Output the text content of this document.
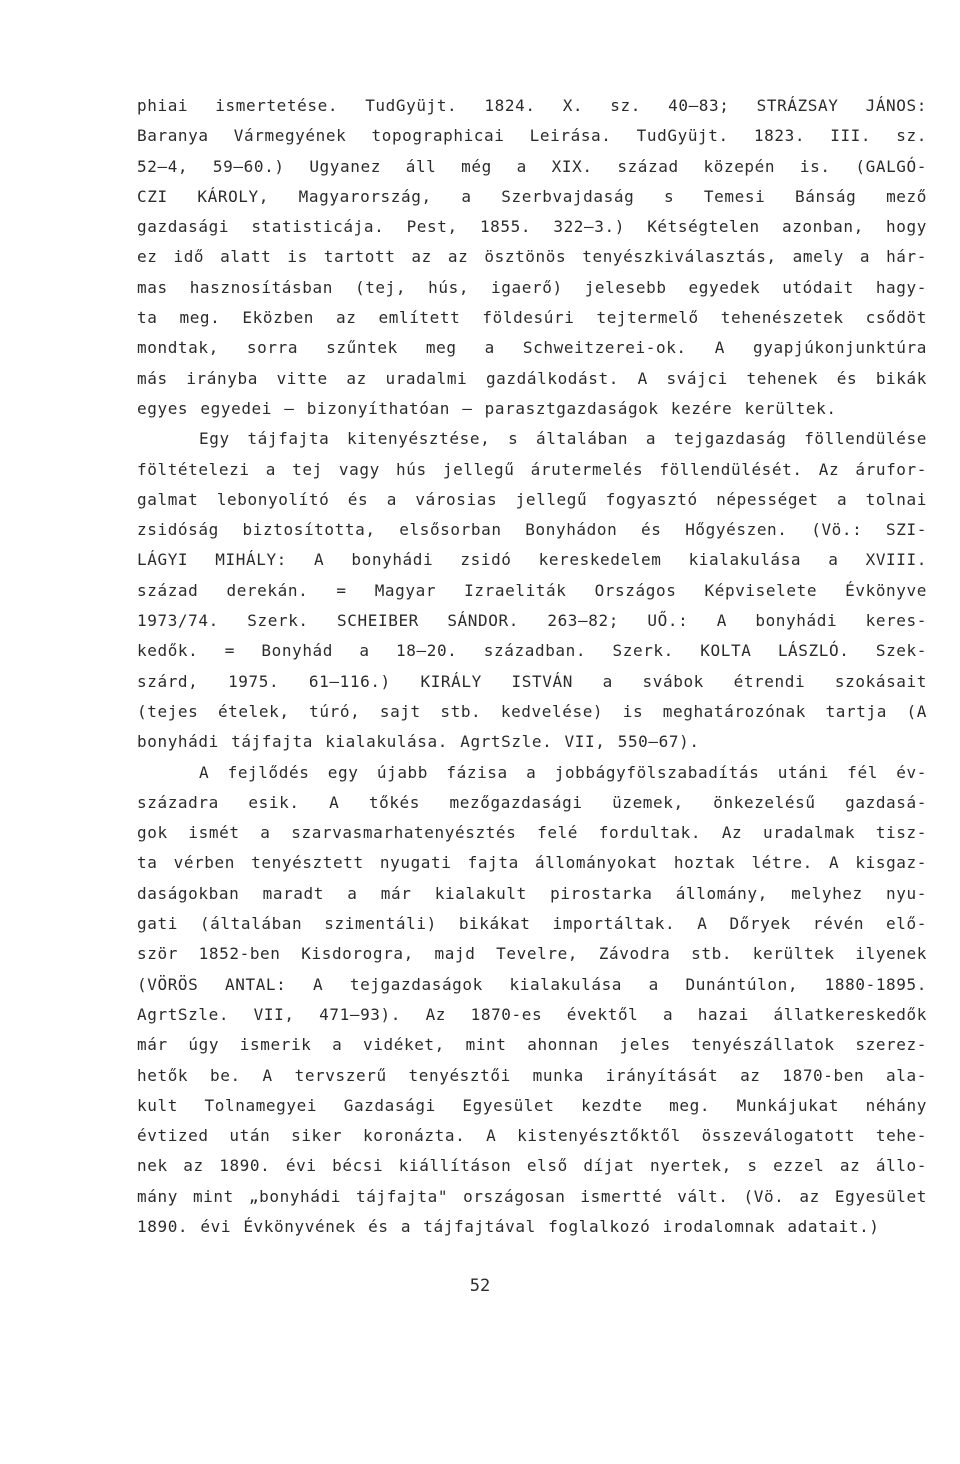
phiai ismertetése. TudGyüjt. 1824. X. sz. 40—83; STRÁZSAY JÁNOS:
Baranya Vármegyének topographicai Leirása. TudGyüjt. 1823. III. sz.
52—4, 59—60.) Ugyanez áll még a XIX. század közepén is. (GALGÓ-
CZI KÁROLY, Magyarország, a Szerbvajdaság s Temesi Bánság mező
gazdasági statisticája. Pest, 1855. 322—3.) Kétségtelen azonban, hogy
ez idő alatt is tartott az az ösztönös tenyészkiválasztás, amely a hár-
mas hasznosításban (tej, hús, igaerő) jelesebb egyedek utódait hagy-
ta meg. Eközben az említett földesúri tejtermelő tehenészetek csődöt
mondtak, sorra szűntek meg a Schweitzerei-ok. A gyapjúkonjunktúra
más irányba vitte az uradalmi gazdálkodást. A svájci tehenek és bikák
egyes egyedei — bizonyíthatóan — parasztgazdaságok kezére kerültek.
Egy tájfajta kitenyésztése, s általában a tejgazdaság föllendülése
föltételezi a tej vagy hús jellegű árutermelés föllendülését. Az árufor-
galmat lebonyolító és a városias jellegű fogyasztó népességet a tolnai
zsidóság biztosította, elsősorban Bonyhádon és Hőgyészen. (Vö.: SZI-
LÁGYI MIHÁLY: A bonyhádi zsidó kereskedelem kialakulása a XVIII.
század derekán. = Magyar Izraeliták Országos Képviselete Évkönyve
1973/74. Szerk. SCHEIBER SÁNDOR. 263—82; UŐ.: A bonyhádi keres-
kedők. = Bonyhád a 18—20. században. Szerk. KOLTA LÁSZLÓ. Szek-
szárd, 1975. 61—116.) KIRÁLY ISTVÁN a svábok étrendi szokásait
(tejes ételek, túró, sajt stb. kedvelése) is meghatározónak tartja (A
bonyhádi tájfajta kialakulása. AgrtSzle. VII, 550—67).
A fejlődés egy újabb fázisa a jobbágyfölszabadítás utáni fél év-
századra esik. A tőkés mezőgazdasági üzemek, önkezelésű gazdasá-
gok ismét a szarvasmarhatenyésztés felé fordultak. Az uradalmak tisz-
ta vérben tenyésztett nyugati fajta állományokat hoztak létre. A kisgaz-
daságokban maradt a már kialakult pirostarka állomány, melyhez nyu-
gati (általában szimentáli) bikákat importáltak. A Dőryek révén elő-
ször 1852-ben Kisdorogra, majd Tevelre, Závodra stb. kerültek ilyenek
(VÖRÖS ANTAL: A tejgazdaságok kialakulása a Dunántúlon, 1880-1895.
AgrtSzle. VII, 471—93). Az 1870-es évektől a hazai állatkereskedők
már úgy ismerik a vidéket, mint ahonnan jeles tenyészállatok szerez-
hetők be. A tervszerű tenyésztői munka irányítását az 1870-ben ala-
kult Tolnamegyei Gazdasági Egyesület kezdte meg. Munkájukat néhány
évtized után siker koronázta. A kistenyésztőktől összeválogatott tehe-
nek az 1890. évi bécsi kiállításon első díjat nyertek, s ezzel az állo-
mány mint „bonyhádi tájfajta" országosan ismertté vált. (Vö. az Egyesület
1890. évi Évkönyvének és a tájfajtával foglalkozó irodalomnak adatait.)
52
